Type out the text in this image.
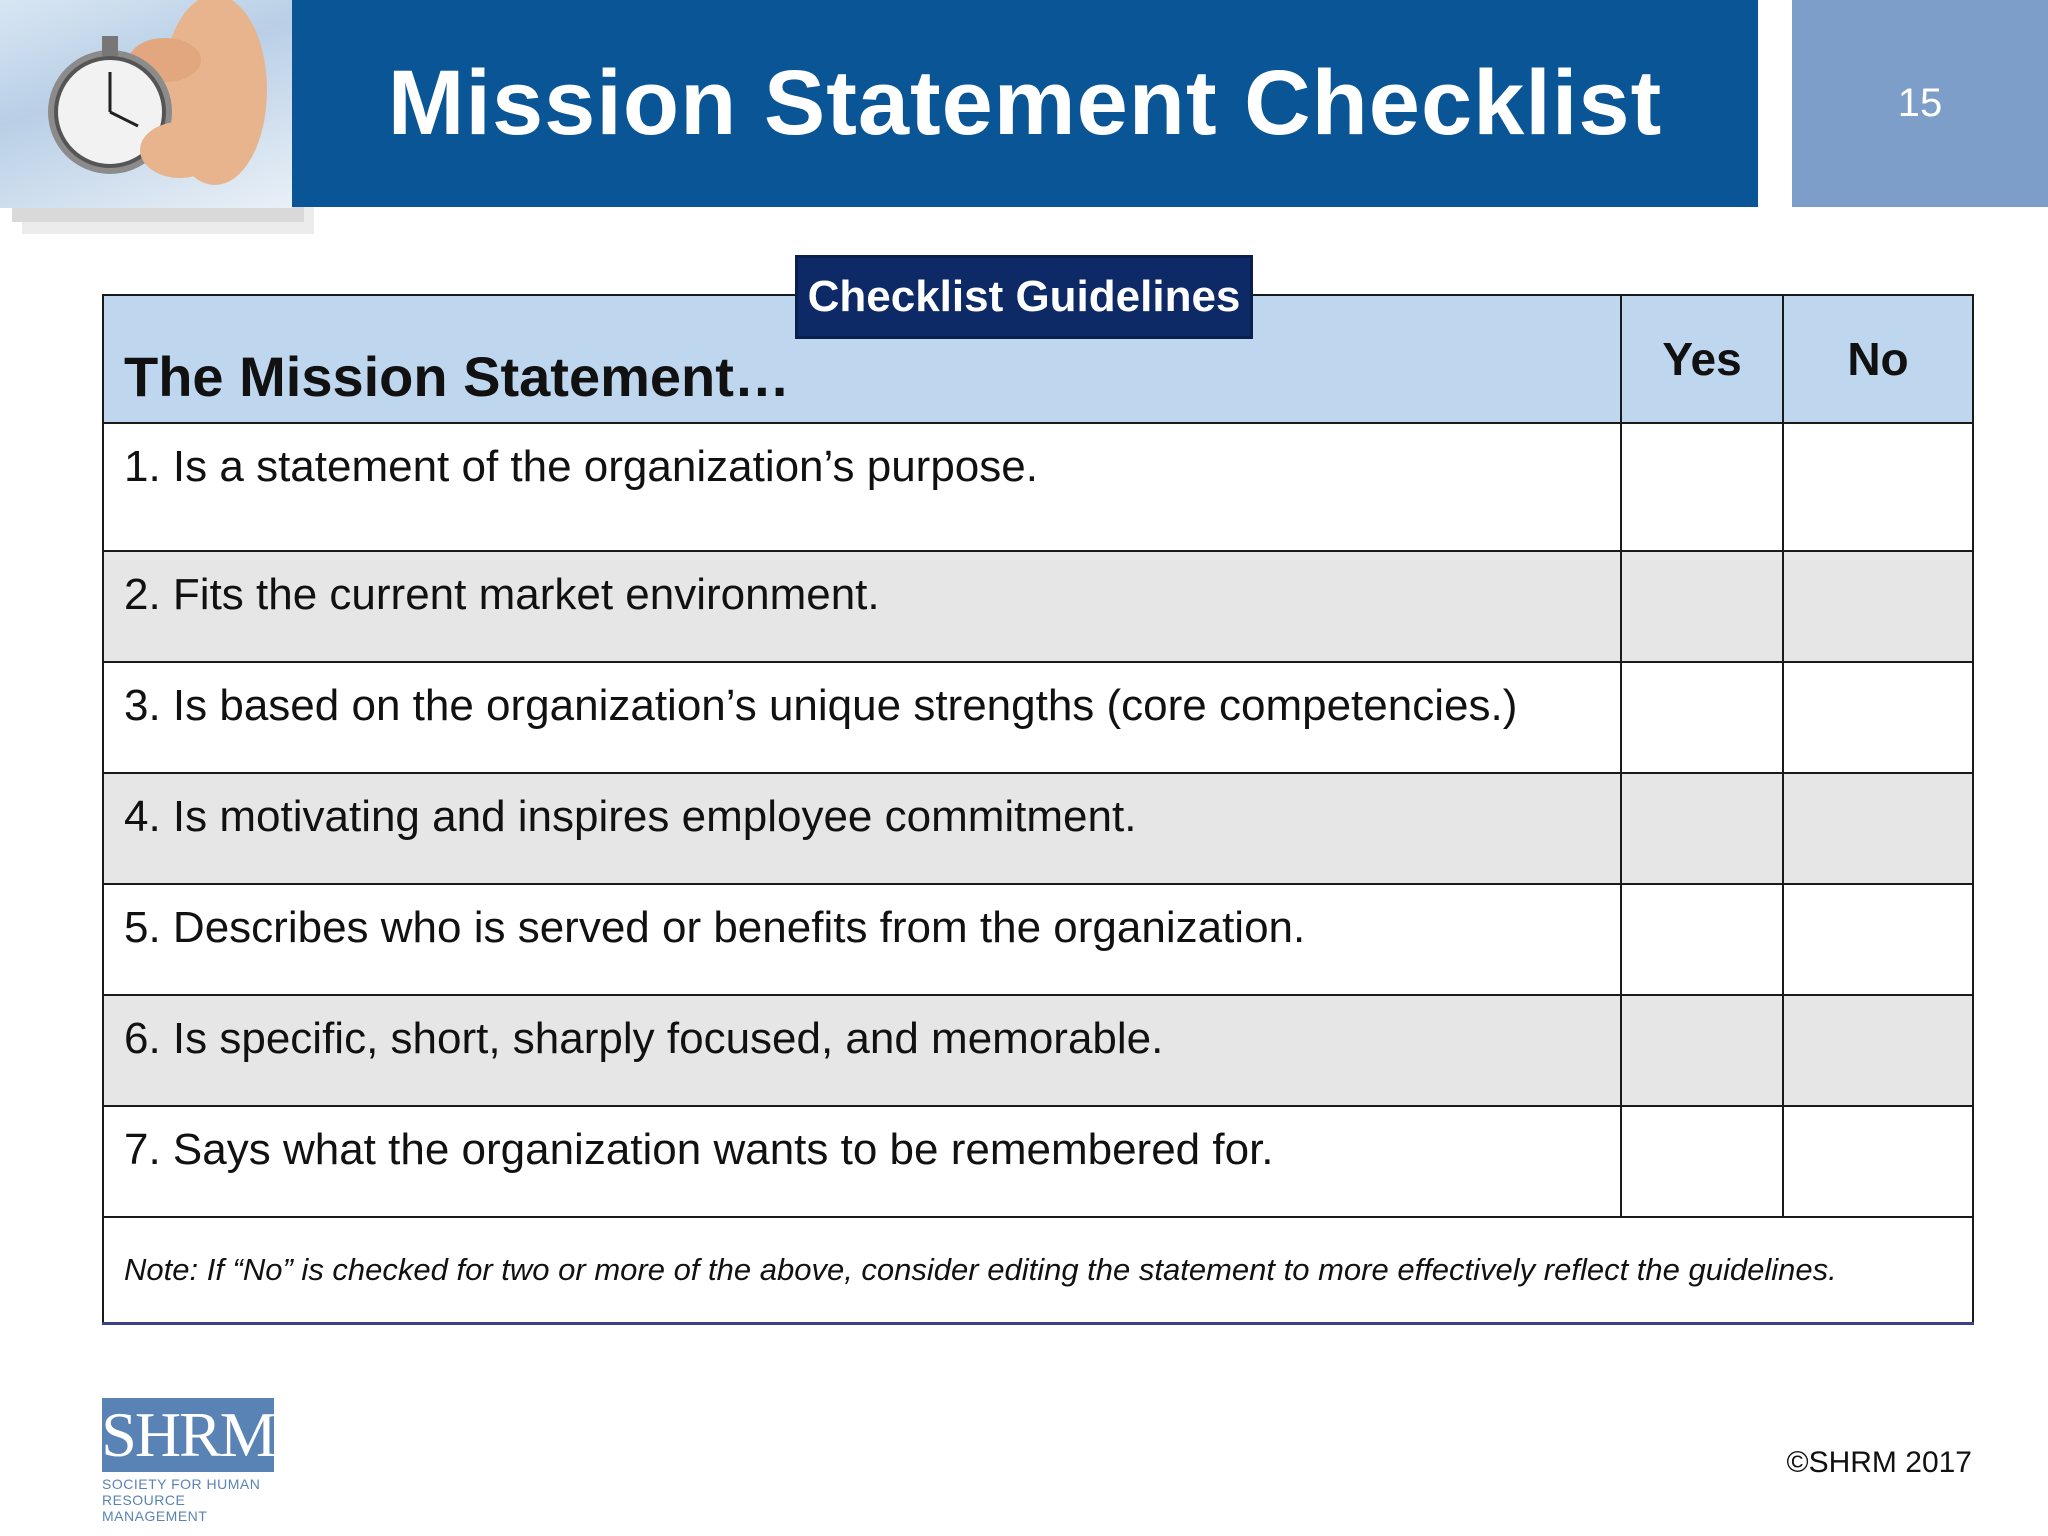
Mission Statement Checklist	15
The Mission Statement…	Yes	No
1. Is a statement of the organization’s purpose.		
2. Fits the current market environment.		
3. Is based on the organization’s unique strengths (core competencies.)		
4. Is motivating and inspires employee commitment.		
5. Describes who is served or benefits from the organization.		
6. Is specific, short, sharply focused, and memorable.		
7. Says what the organization wants to be remembered for.		
Note: If “No” is checked for two or more of the above, consider editing the statement to more effectively reflect the guidelines.		
Checklist Guidelines
SHRM
SOCIETY FOR HUMAN
RESOURCE MANAGEMENT
©SHRM 2017
